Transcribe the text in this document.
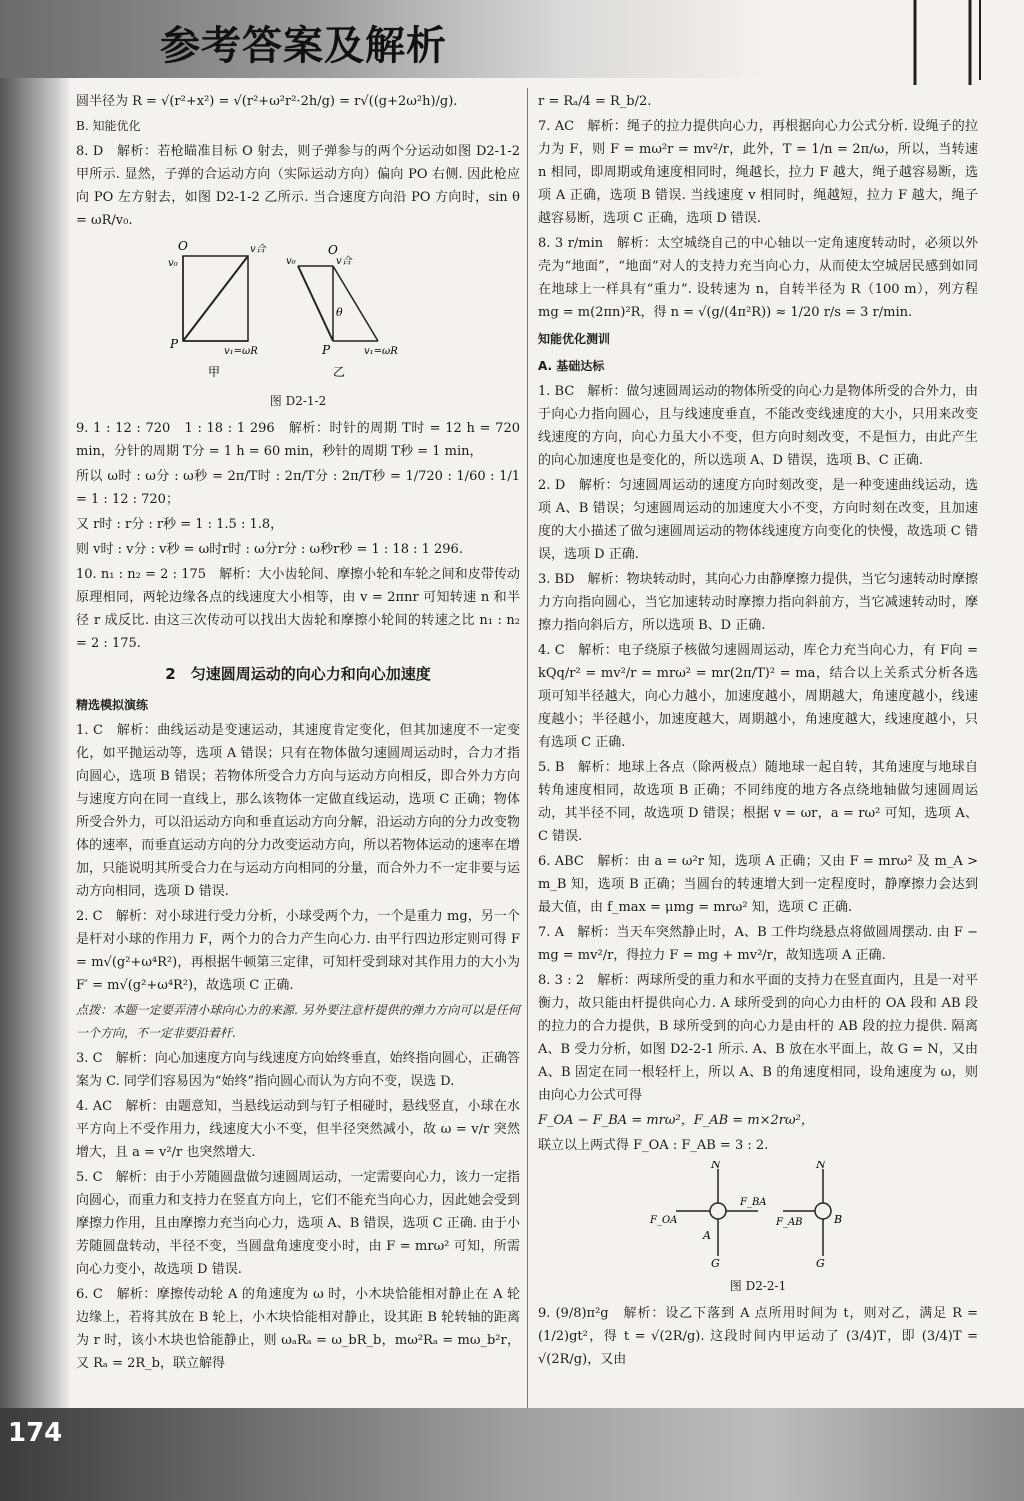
参考答案及解析

圆半径为 R = √(r²+x²) = √(r²+ω²r²·2h/g) = r√((g+2ω²h)/g).

B. 知能优化

8. D　解析：若枪瞄准目标 O 射去，则子弹参与的两个分运动如图 D2-1-2甲所示. 显然，子弹的合运动方向（实际运动方向）偏向 PO 右侧. 因此枪应向 PO 左方射去，如图 D2-1-2 乙所示. 当合速度方向沿 PO 方向时，sin θ = ωR/v₀.

O	v合
v₀
P
v₁=ωR
甲
O
v₀	v合
θ
P	v₁=ωR
乙
图 D2-1-2

9. 1 : 12 : 720　1 : 18 : 1 296　解析：时针的周期 T时 = 12 h = 720 min，分针的周期 T分 = 1 h = 60 min，秒针的周期 T秒 = 1 min，

所以 ω时 : ω分 : ω秒 = 2π/T时 : 2π/T分 : 2π/T秒 = 1/720 : 1/60 : 1/1 = 1 : 12 : 720；

又 r时 : r分 : r秒 = 1 : 1.5 : 1.8，

则 v时 : v分 : v秒 = ω时r时 : ω分r分 : ω秒r秒 = 1 : 18 : 1 296.

10. n₁ : n₂ = 2 : 175　解析：大小齿轮间、摩擦小轮和车轮之间和皮带传动原理相同，两轮边缘各点的线速度大小相等，由 v = 2πnr 可知转速 n 和半径 r 成反比. 由这三次传动可以找出大齿轮和摩擦小轮间的转速之比 n₁ : n₂ = 2 : 175.

2　匀速圆周运动的向心力和向心加速度
精选模拟演练

1. C　解析：曲线运动是变速运动，其速度肯定变化，但其加速度不一定变化，如平抛运动等，选项 A 错误；只有在物体做匀速圆周运动时，合力才指向圆心，选项 B 错误；若物体所受合力方向与运动方向相反，即合外力方向与速度方向在同一直线上，那么该物体一定做直线运动，选项 C 正确；物体所受合外力，可以沿运动方向和垂直运动方向分解，沿运动方向的分力改变物体的速率，而垂直运动方向的分力改变运动方向，所以若物体运动的速率在增加，只能说明其所受合力在与运动方向相同的分量，而合外力不一定非要与运动方向相同，选项 D 错误.

2. C　解析：对小球进行受力分析，小球受两个力，一个是重力 mg，另一个是杆对小球的作用力 F，两个力的合力产生向心力. 由平行四边形定则可得 F = m√(g²+ω⁴R²)，再根据牛顿第三定律，可知杆受到球对其作用力的大小为 F′ = m√(g²+ω⁴R²)，故选项 C 正确.

点拨：本题一定要弄清小球向心力的来源. 另外要注意杆提供的弹力方向可以是任何一个方向，不一定非要沿着杆.

3. C　解析：向心加速度方向与线速度方向始终垂直，始终指向圆心，正确答案为 C. 同学们容易因为“始终”指向圆心而认为方向不变，误选 D.

4. AC　解析：由题意知，当悬线运动到与钉子相碰时，悬线竖直，小球在水平方向上不受作用力，线速度大小不变，但半径突然减小，故 ω = v/r 突然增大，且 a = v²/r 也突然增大.

5. C　解析：由于小芳随圆盘做匀速圆周运动，一定需要向心力，该力一定指向圆心，而重力和支持力在竖直方向上，它们不能充当向心力，因此她会受到摩擦力作用，且由摩擦力充当向心力，选项 A、B 错误，选项 C 正确. 由于小芳随圆盘转动，半径不变，当圆盘角速度变小时，由 F = mrω² 可知，所需向心力变小，故选项 D 错误.

6. C　解析：摩擦传动轮 A 的角速度为 ω 时，小木块恰能相对静止在 A 轮边缘上，若将其放在 B 轮上，小木块恰能相对静止，设其距 B 轮转轴的距离为 r 时，该小木块也恰能静止，则 ωₐRₐ = ω_bR_b，mω²Rₐ = mω_b²r，又 Rₐ = 2R_b，联立解得

r = Rₐ/4 = R_b/2.

7. AC　解析：绳子的拉力提供向心力，再根据向心力公式分析. 设绳子的拉力为 F，则 F = mω²r = mv²/r，此外，T = 1/n = 2π/ω，所以，当转速 n 相同，即周期或角速度相同时，绳越长，拉力 F 越大，绳子越容易断，选项 A 正确，选项 B 错误. 当线速度 v 相同时，绳越短，拉力 F 越大，绳子越容易断，选项 C 正确，选项 D 错误.

8. 3 r/min　解析：太空城绕自己的中心轴以一定角速度转动时，必须以外壳为“地面”，“地面”对人的支持力充当向心力，从而使太空城居民感到如同在地球上一样具有“重力”. 设转速为 n，自转半径为 R（100 m），列方程 mg = m(2πn)²R，得 n = √(g/(4π²R)) ≈ 1/20 r/s = 3 r/min.

知能优化测训
A. 基础达标

1. BC　解析：做匀速圆周运动的物体所受的向心力是物体所受的合外力，由于向心力指向圆心，且与线速度垂直，不能改变线速度的大小，只用来改变线速度的方向，向心力虽大小不变，但方向时刻改变，不是恒力，由此产生的向心加速度也是变化的，所以选项 A、D 错误，选项 B、C 正确.

2. D　解析：匀速圆周运动的速度方向时刻改变，是一种变速曲线运动，选项 A、B 错误；匀速圆周运动的加速度大小不变，方向时刻在改变，且加速度的大小描述了做匀速圆周运动的物体线速度方向变化的快慢，故选项 C 错误，选项 D 正确.

3. BD　解析：物块转动时，其向心力由静摩擦力提供，当它匀速转动时摩擦力方向指向圆心，当它加速转动时摩擦力指向斜前方，当它减速转动时，摩擦力指向斜后方，所以选项 B、D 正确.

4. C　解析：电子绕原子核做匀速圆周运动，库仑力充当向心力，有 F向 = kQq/r² = mv²/r = mrω² = mr(2π/T)² = ma，结合以上关系式分析各选项可知半径越大，向心力越小，加速度越小，周期越大，角速度越小，线速度越小；半径越小，加速度越大，周期越小，角速度越大，线速度越小，只有选项 C 正确.

5. B　解析：地球上各点（除两极点）随地球一起自转，其角速度与地球自转角速度相同，故选项 B 正确；不同纬度的地方各点绕地轴做匀速圆周运动，其半径不同，故选项 D 错误；根据 v = ωr，a = rω² 可知，选项 A、C 错误.

6. ABC　解析：由 a = ω²r 知，选项 A 正确；又由 F = mrω² 及 m_A > m_B 知，选项 B 正确；当圆台的转速增大到一定程度时，静摩擦力会达到最大值，由 f_max = μmg = mrω² 知，选项 C 正确.

7. A　解析：当天车突然静止时，A、B 工件均绕悬点将做圆周摆动. 由 F − mg = mv²/r，得拉力 F = mg + mv²/r，故知选项 A 正确.

8. 3 : 2　解析：两球所受的重力和水平面的支持力在竖直面内，且是一对平衡力，故只能由杆提供向心力. A 球所受到的向心力由杆的 OA 段和 AB 段的拉力的合力提供，B 球所受到的向心力是由杆的 AB 段的拉力提供. 隔离 A、B 受力分析，如图 D2-2-1 所示. A、B 放在水平面上，故 G = N，又由 A、B 固定在同一根轻杆上，所以 A、B 的角速度相同，设角速度为 ω，则由向心力公式可得

F_OA − F_BA = mrω²，F_AB = m×2rω²，

联立以上两式得 F_OA : F_AB = 3 : 2.

N
G
A
F_OA
F_BA
N
G
B
F_AB
图 D2-2-1

9. (9/8)π²g　解析：设乙下落到 A 点所用时间为 t，则对乙，满足 R = (1/2)gt²，得 t = √(2R/g). 这段时间内甲运动了 (3/4)T，即 (3/4)T = √(2R/g)，又由

174
